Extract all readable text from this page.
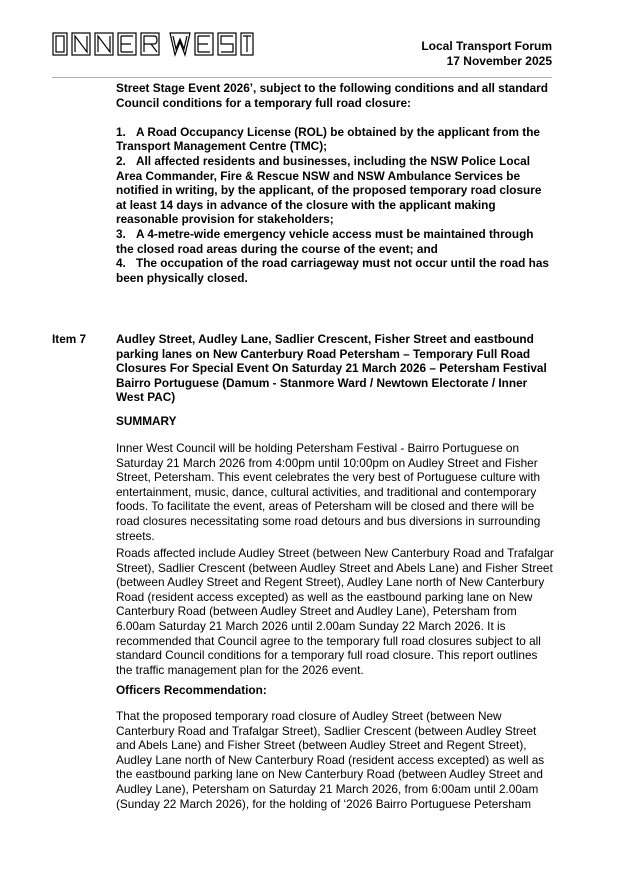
Local Transport Forum
17 November 2025

Street Stage Event 2026’, subject to the following conditions and all standard Council conditions for a temporary full road closure:

1. A Road Occupancy License (ROL) be obtained by the applicant from the Transport Management Centre (TMC);

2. All affected residents and businesses, including the NSW Police Local Area Commander, Fire & Rescue NSW and NSW Ambulance Services be notified in writing, by the applicant, of the proposed temporary road closure at least 14 days in advance of the closure with the applicant making reasonable provision for stakeholders;

3. A 4-metre-wide emergency vehicle access must be maintained through the closed road areas during the course of the event; and

4. The occupation of the road carriageway must not occur until the road has been physically closed.

Item 7	Audley Street, Audley Lane, Sadlier Crescent, Fisher Street and eastbound parking lanes on New Canterbury Road Petersham – Temporary Full Road Closures For Special Event On Saturday 21 March 2026 – Petersham Festival Bairro Portuguese (Damum - Stanmore Ward / Newtown Electorate / Inner West PAC)
SUMMARY
Inner West Council will be holding Petersham Festival - Bairro Portuguese on Saturday 21 March 2026 from 4:00pm until 10:00pm on Audley Street and Fisher Street, Petersham. This event celebrates the very best of Portuguese culture with entertainment, music, dance, cultural activities, and traditional and contemporary foods. To facilitate the event, areas of Petersham will be closed and there will be road closures necessitating some road detours and bus diversions in surrounding streets.
Roads affected include Audley Street (between New Canterbury Road and Trafalgar Street), Sadlier Crescent (between Audley Street and Abels Lane) and Fisher Street (between Audley Street and Regent Street), Audley Lane north of New Canterbury Road (resident access excepted) as well as the eastbound parking lane on New Canterbury Road (between Audley Street and Audley Lane), Petersham from 6.00am Saturday 21 March 2026 until 2.00am Sunday 22 March 2026. It is recommended that Council agree to the temporary full road closures subject to all standard Council conditions for a temporary full road closure. This report outlines the traffic management plan for the 2026 event.
Officers Recommendation:
That the proposed temporary road closure of Audley Street (between New Canterbury Road and Trafalgar Street), Sadlier Crescent (between Audley Street and Abels Lane) and Fisher Street (between Audley Street and Regent Street), Audley Lane north of New Canterbury Road (resident access excepted) as well as the eastbound parking lane on New Canterbury Road (between Audley Street and Audley Lane), Petersham on Saturday 21 March 2026, from 6:00am until 2.00am (Sunday 22 March 2026), for the holding of ‘2026 Bairro Portuguese Petersham
